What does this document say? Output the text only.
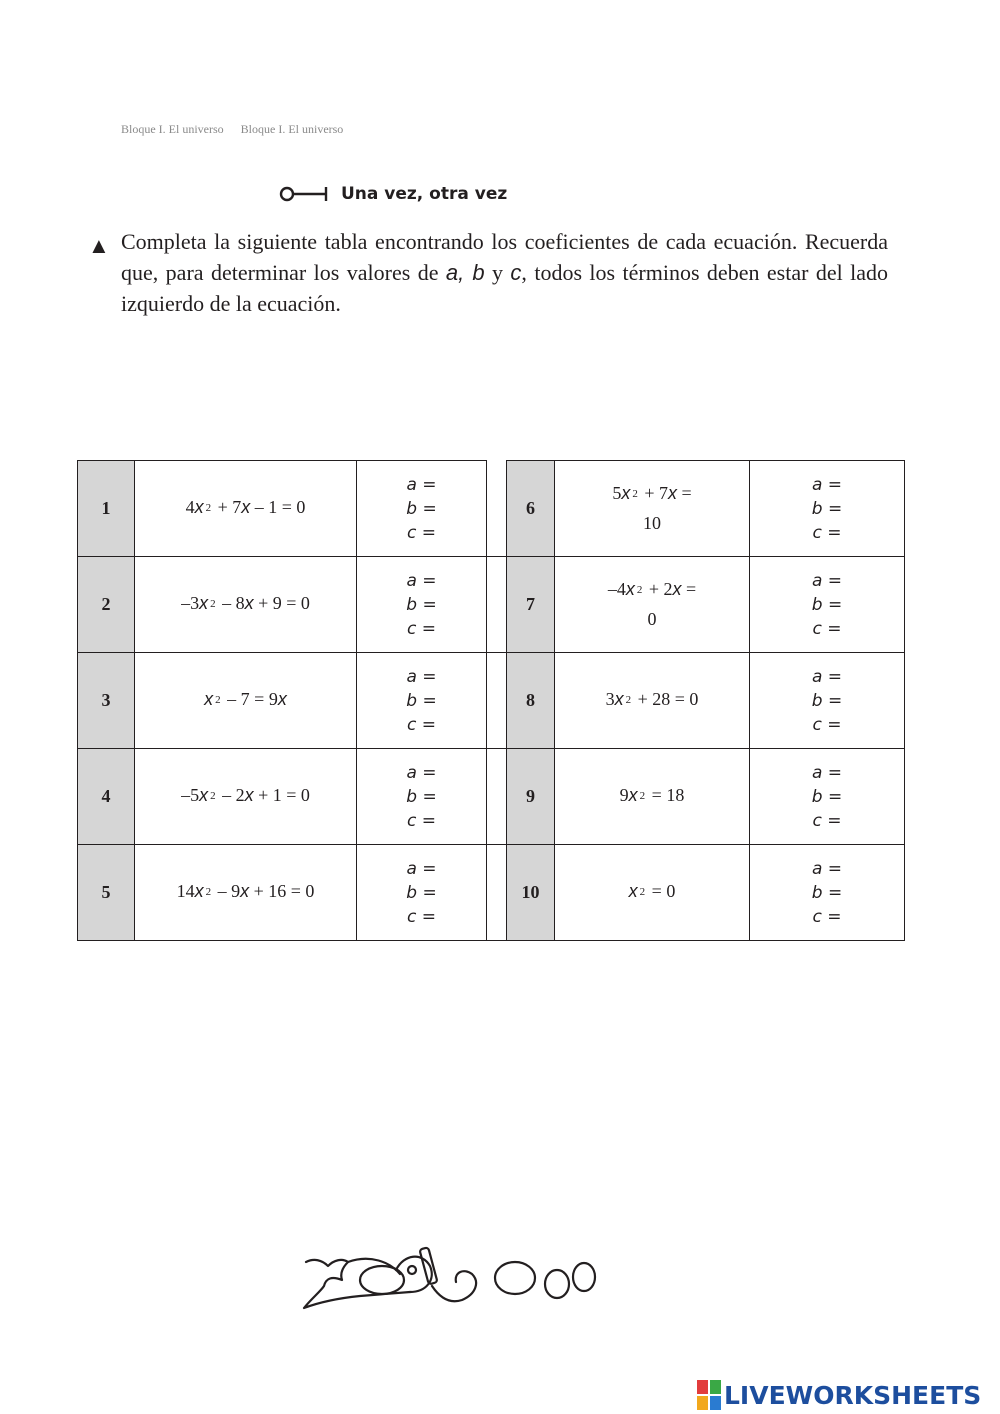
Bloque I. El universo Bloque I. El universo
Una vez, otra vez
▲ Completa la siguiente tabla encontrando los coeficientes de cada ecuación. Recuerda que, para determinar los valores de a, b y c, todos los términos deben estar del lado izquierdo de la ecuación.

1	4x $^2$ + 7x – 1 = 0	a =
b =
c =		6	5x $^2$ + 7x =
10	a =
b =
c =

2	–3x $^2$ – 8x + 9 = 0	a =
b =
c =		7	–4x $^2$ + 2x =
0	a =
b =
c =

3	x $^2$ – 7 = 9x	a =
b =
c =		8	3x $^2$ + 28 = 0	a =
b =
c =

4	–5x $^2$ – 2x + 1 = 0	a =
b =
c =		9	9x $^2$ = 18	a =
b =
c =

5	14x $^2$ – 9x + 16 = 0	a =
b =
c =		10	x $^2$ = 0	a =
b =
c =
LIVEWORKSHEETS
